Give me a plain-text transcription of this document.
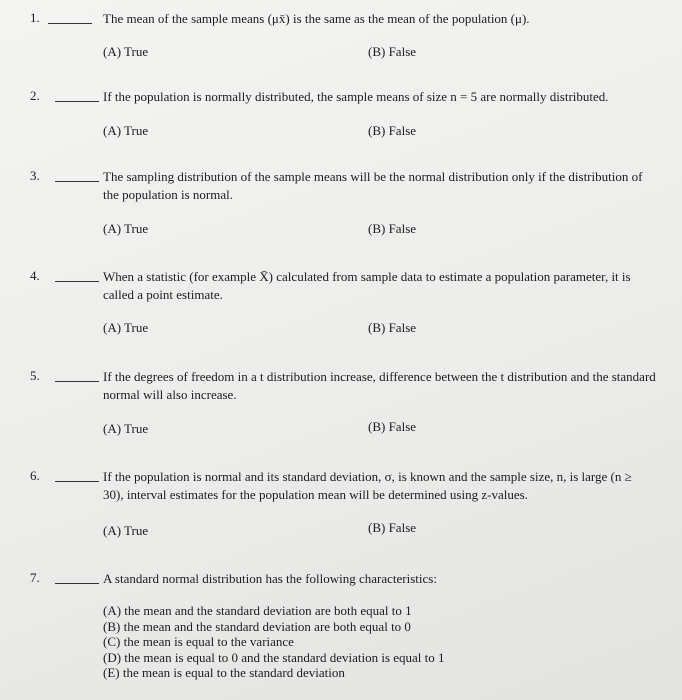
1.	The mean of the sample means (μx̄) is the same as the mean of the population (μ).
(A) True	(B) False
2.	If the population is normally distributed, the sample means of size n = 5 are normally distributed.
(A) True	(B) False
3.	The sampling distribution of the sample means will be the normal distribution only if the distribution of
the population is normal.
(A) True	(B) False
4.	When a statistic (for example X̄) calculated from sample data to estimate a population parameter, it is
called a point estimate.
(A) True	(B) False
5.	If the degrees of freedom in a t distribution increase, difference between the t distribution and the standard
normal will also increase.
(A) True	(B) False
6.	If the population is normal and its standard deviation, σ, is known and the sample size, n, is large (n ≥
30), interval estimates for the population mean will be determined using z-values.
(A) True	(B) False
7.	A standard normal distribution has the following characteristics:
(A) the mean and the standard deviation are both equal to 1
(B) the mean and the standard deviation are both equal to 0
(C) the mean is equal to the variance
(D) the mean is equal to 0 and the standard deviation is equal to 1
(E) the mean is equal to the standard deviation
